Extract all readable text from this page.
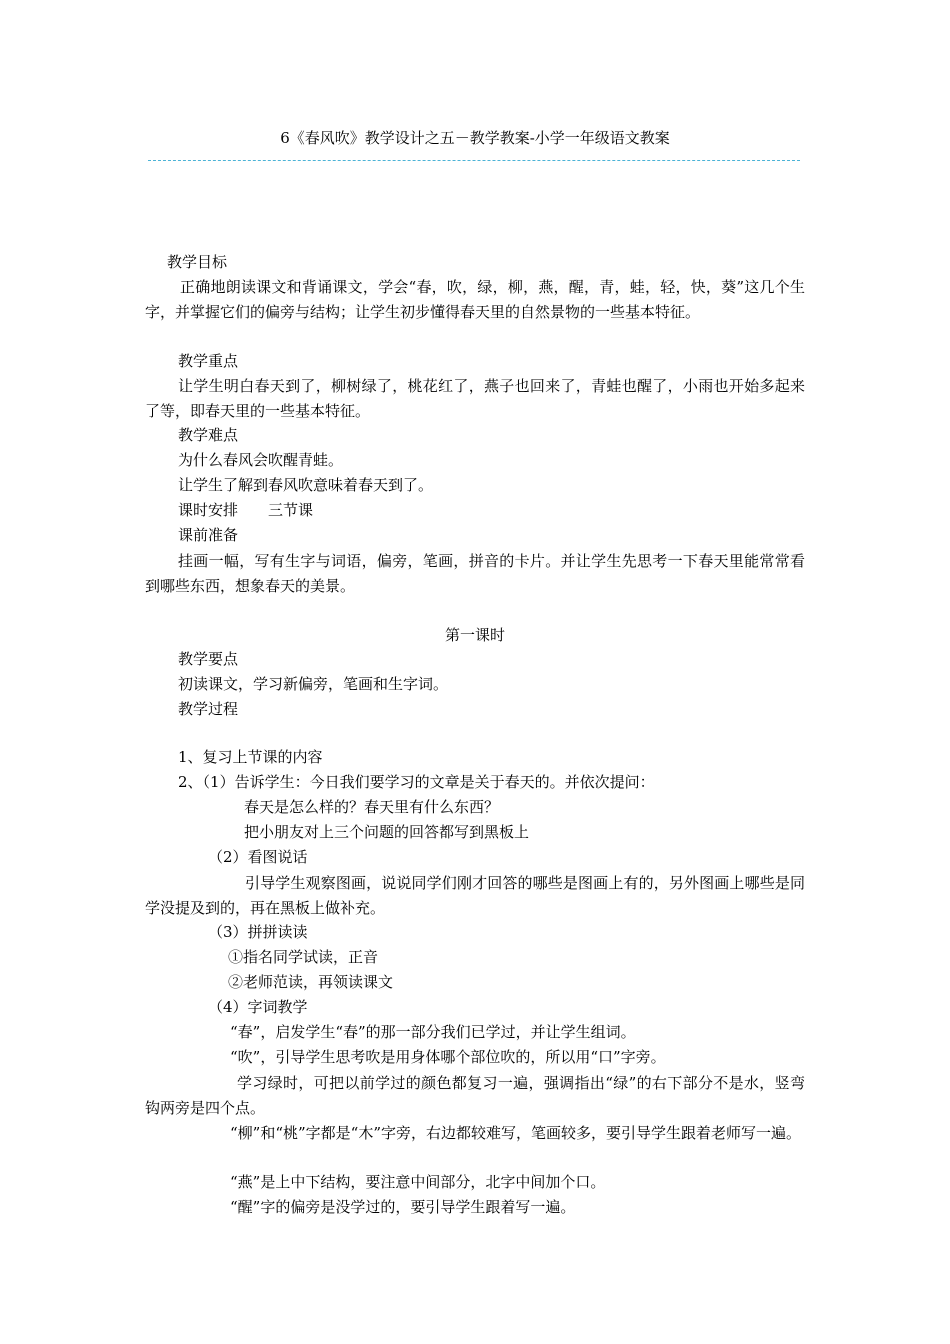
6《春风吹》教学设计之五－教学教案-小学一年级语文教案
教学目标
正确地朗读课文和背诵课文，学会“春，吹，绿，柳，燕，醒，青，蛙，轻，快，葵”这几个生字，并掌握它们的偏旁与结构；让学生初步懂得春天里的自然景物的一些基本特征。
教学重点
让学生明白春天到了，柳树绿了，桃花红了，燕子也回来了，青蛙也醒了，小雨也开始多起来了等，即春天里的一些基本特征。
教学难点
为什么春风会吹醒青蛙。
让学生了解到春风吹意味着春天到了。
课时安排　　三节课
课前准备
挂画一幅，写有生字与词语，偏旁，笔画，拼音的卡片。并让学生先思考一下春天里能常常看到哪些东西，想象春天的美景。
第一课时
教学要点
初读课文，学习新偏旁，笔画和生字词。
教学过程
1、复习上节课的内容
2、（1）告诉学生：今日我们要学习的文章是关于春天的。并依次提问：
春天是怎么样的？春天里有什么东西？
把小朋友对上三个问题的回答都写到黑板上
（2）看图说话
引导学生观察图画，说说同学们刚才回答的哪些是图画上有的，另外图画上哪些是同学没提及到的，再在黑板上做补充。
（3）拼拼读读
①指名同学试读，正音
②老师范读，再领读课文
（4）字词教学
“春”，启发学生“春”的那一部分我们已学过，并让学生组词。
“吹”，引导学生思考吹是用身体哪个部位吹的，所以用“口”字旁。
学习绿时，可把以前学过的颜色都复习一遍，强调指出“绿”的右下部分不是水，竖弯钩两旁是四个点。
“柳”和“桃”字都是“木”字旁，右边都较难写，笔画较多，要引导学生跟着老师写一遍。
“燕”是上中下结构，要注意中间部分，北字中间加个口。
“醒”字的偏旁是没学过的，要引导学生跟着写一遍。
